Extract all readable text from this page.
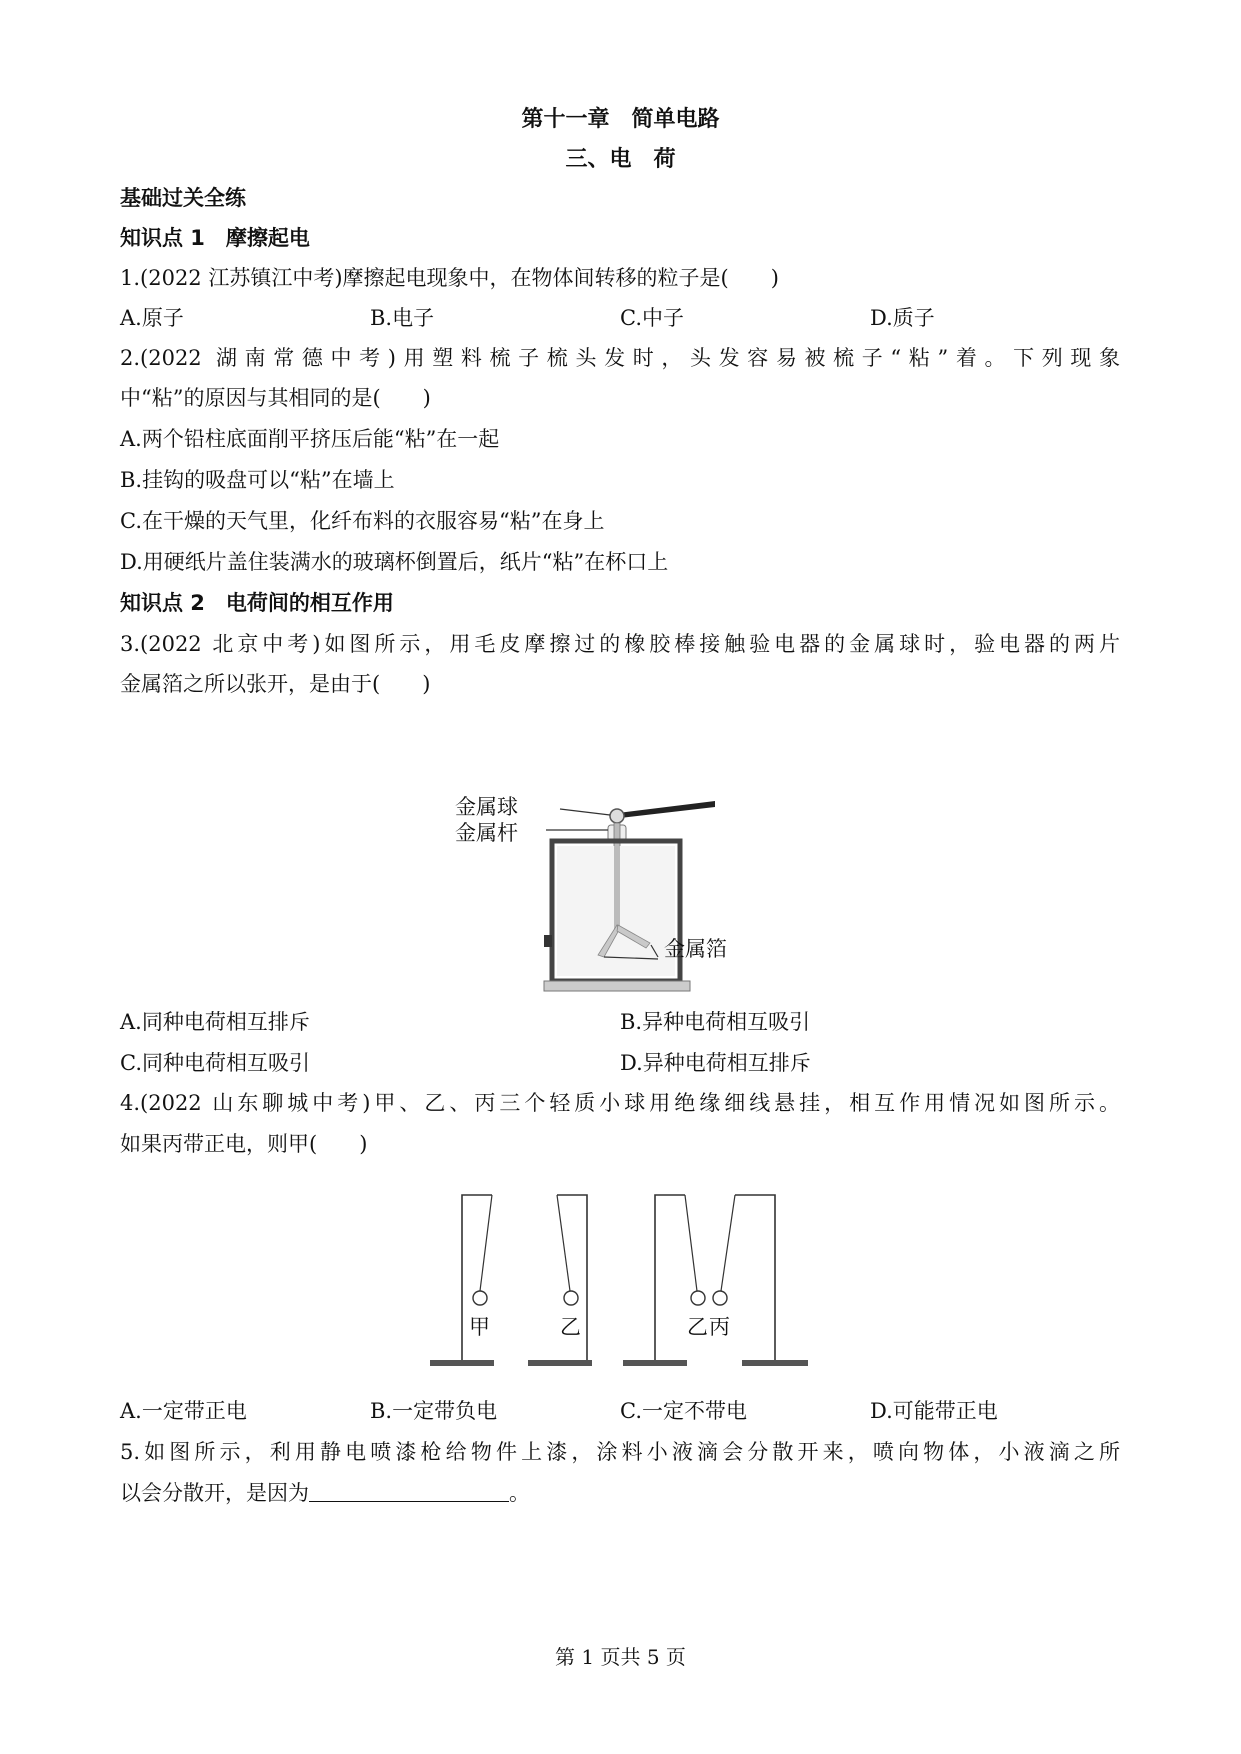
第十一章　简单电路
三、电　荷
基础过关全练
知识点 1　摩擦起电
1.(2022 江苏镇江中考)摩擦起电现象中，在物体间转移的粒子是(　　)
A.原子	B.电子	C.中子	D.质子
2.(2022 湖南常德中考)用塑料梳子梳头发时，头发容易被梳子“粘”着。下列现象
中“粘”的原因与其相同的是(　　)
A.两个铅柱底面削平挤压后能“粘”在一起
B.挂钩的吸盘可以“粘”在墙上
C.在干燥的天气里，化纤布料的衣服容易“粘”在身上
D.用硬纸片盖住装满水的玻璃杯倒置后，纸片“粘”在杯口上
知识点 2　电荷间的相互作用
3.(2022 北京中考)如图所示，用毛皮摩擦过的橡胶棒接触验电器的金属球时，验电器的两片
金属箔之所以张开，是由于(　　)
金属球
金属杆
金属箔
A.同种电荷相互排斥	B.异种电荷相互吸引
C.同种电荷相互吸引	D.异种电荷相互排斥
4.(2022 山东聊城中考)甲、乙、丙三个轻质小球用绝缘细线悬挂，相互作用情况如图所示。
如果丙带正电，则甲(　　)
甲	乙	乙 丙
A.一定带正电	B.一定带负电	C.一定不带电	D.可能带正电
5.如图所示，利用静电喷漆枪给物件上漆，涂料小液滴会分散开来，喷向物体，小液滴之所
以会分散开，是因为	。
第 1 页共 5 页
